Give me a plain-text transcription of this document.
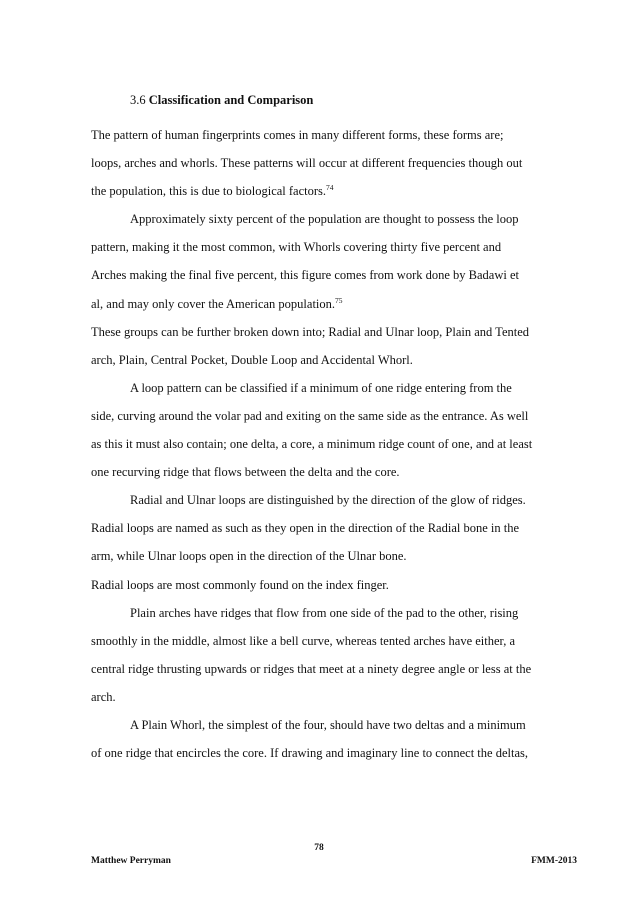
3.6 Classification and Comparison
The pattern of human fingerprints comes in many different forms, these forms are;
loops, arches and whorls. These patterns will occur at different frequencies though out
the population, this is due to biological factors.$^{74}$
Approximately sixty percent of the population are thought to possess the loop
pattern, making it the most common, with Whorls covering thirty five percent and
Arches making the final five percent, this figure comes from work done by Badawi et
al, and may only cover the American population.$^{75}$
These groups can be further broken down into; Radial and Ulnar loop, Plain and Tented
arch, Plain, Central Pocket, Double Loop and Accidental Whorl.
A loop pattern can be classified if a minimum of one ridge entering from the
side, curving around the volar pad and exiting on the same side as the entrance. As well
as this it must also contain; one delta, a core, a minimum ridge count of one, and at least
one recurving ridge that flows between the delta and the core.
Radial and Ulnar loops are distinguished by the direction of the glow of ridges.
Radial loops are named as such as they open in the direction of the Radial bone in the
arm, while Ulnar loops open in the direction of the Ulnar bone.
Radial loops are most commonly found on the index finger.
Plain arches have ridges that flow from one side of the pad to the other, rising
smoothly in the middle, almost like a bell curve, whereas tented arches have either, a
central ridge thrusting upwards or ridges that meet at a ninety degree angle or less at the
arch.
A Plain Whorl, the simplest of the four, should have two deltas and a minimum
of one ridge that encircles the core. If drawing and imaginary line to connect the deltas,
78
Matthew Perryman	FMM-2013
